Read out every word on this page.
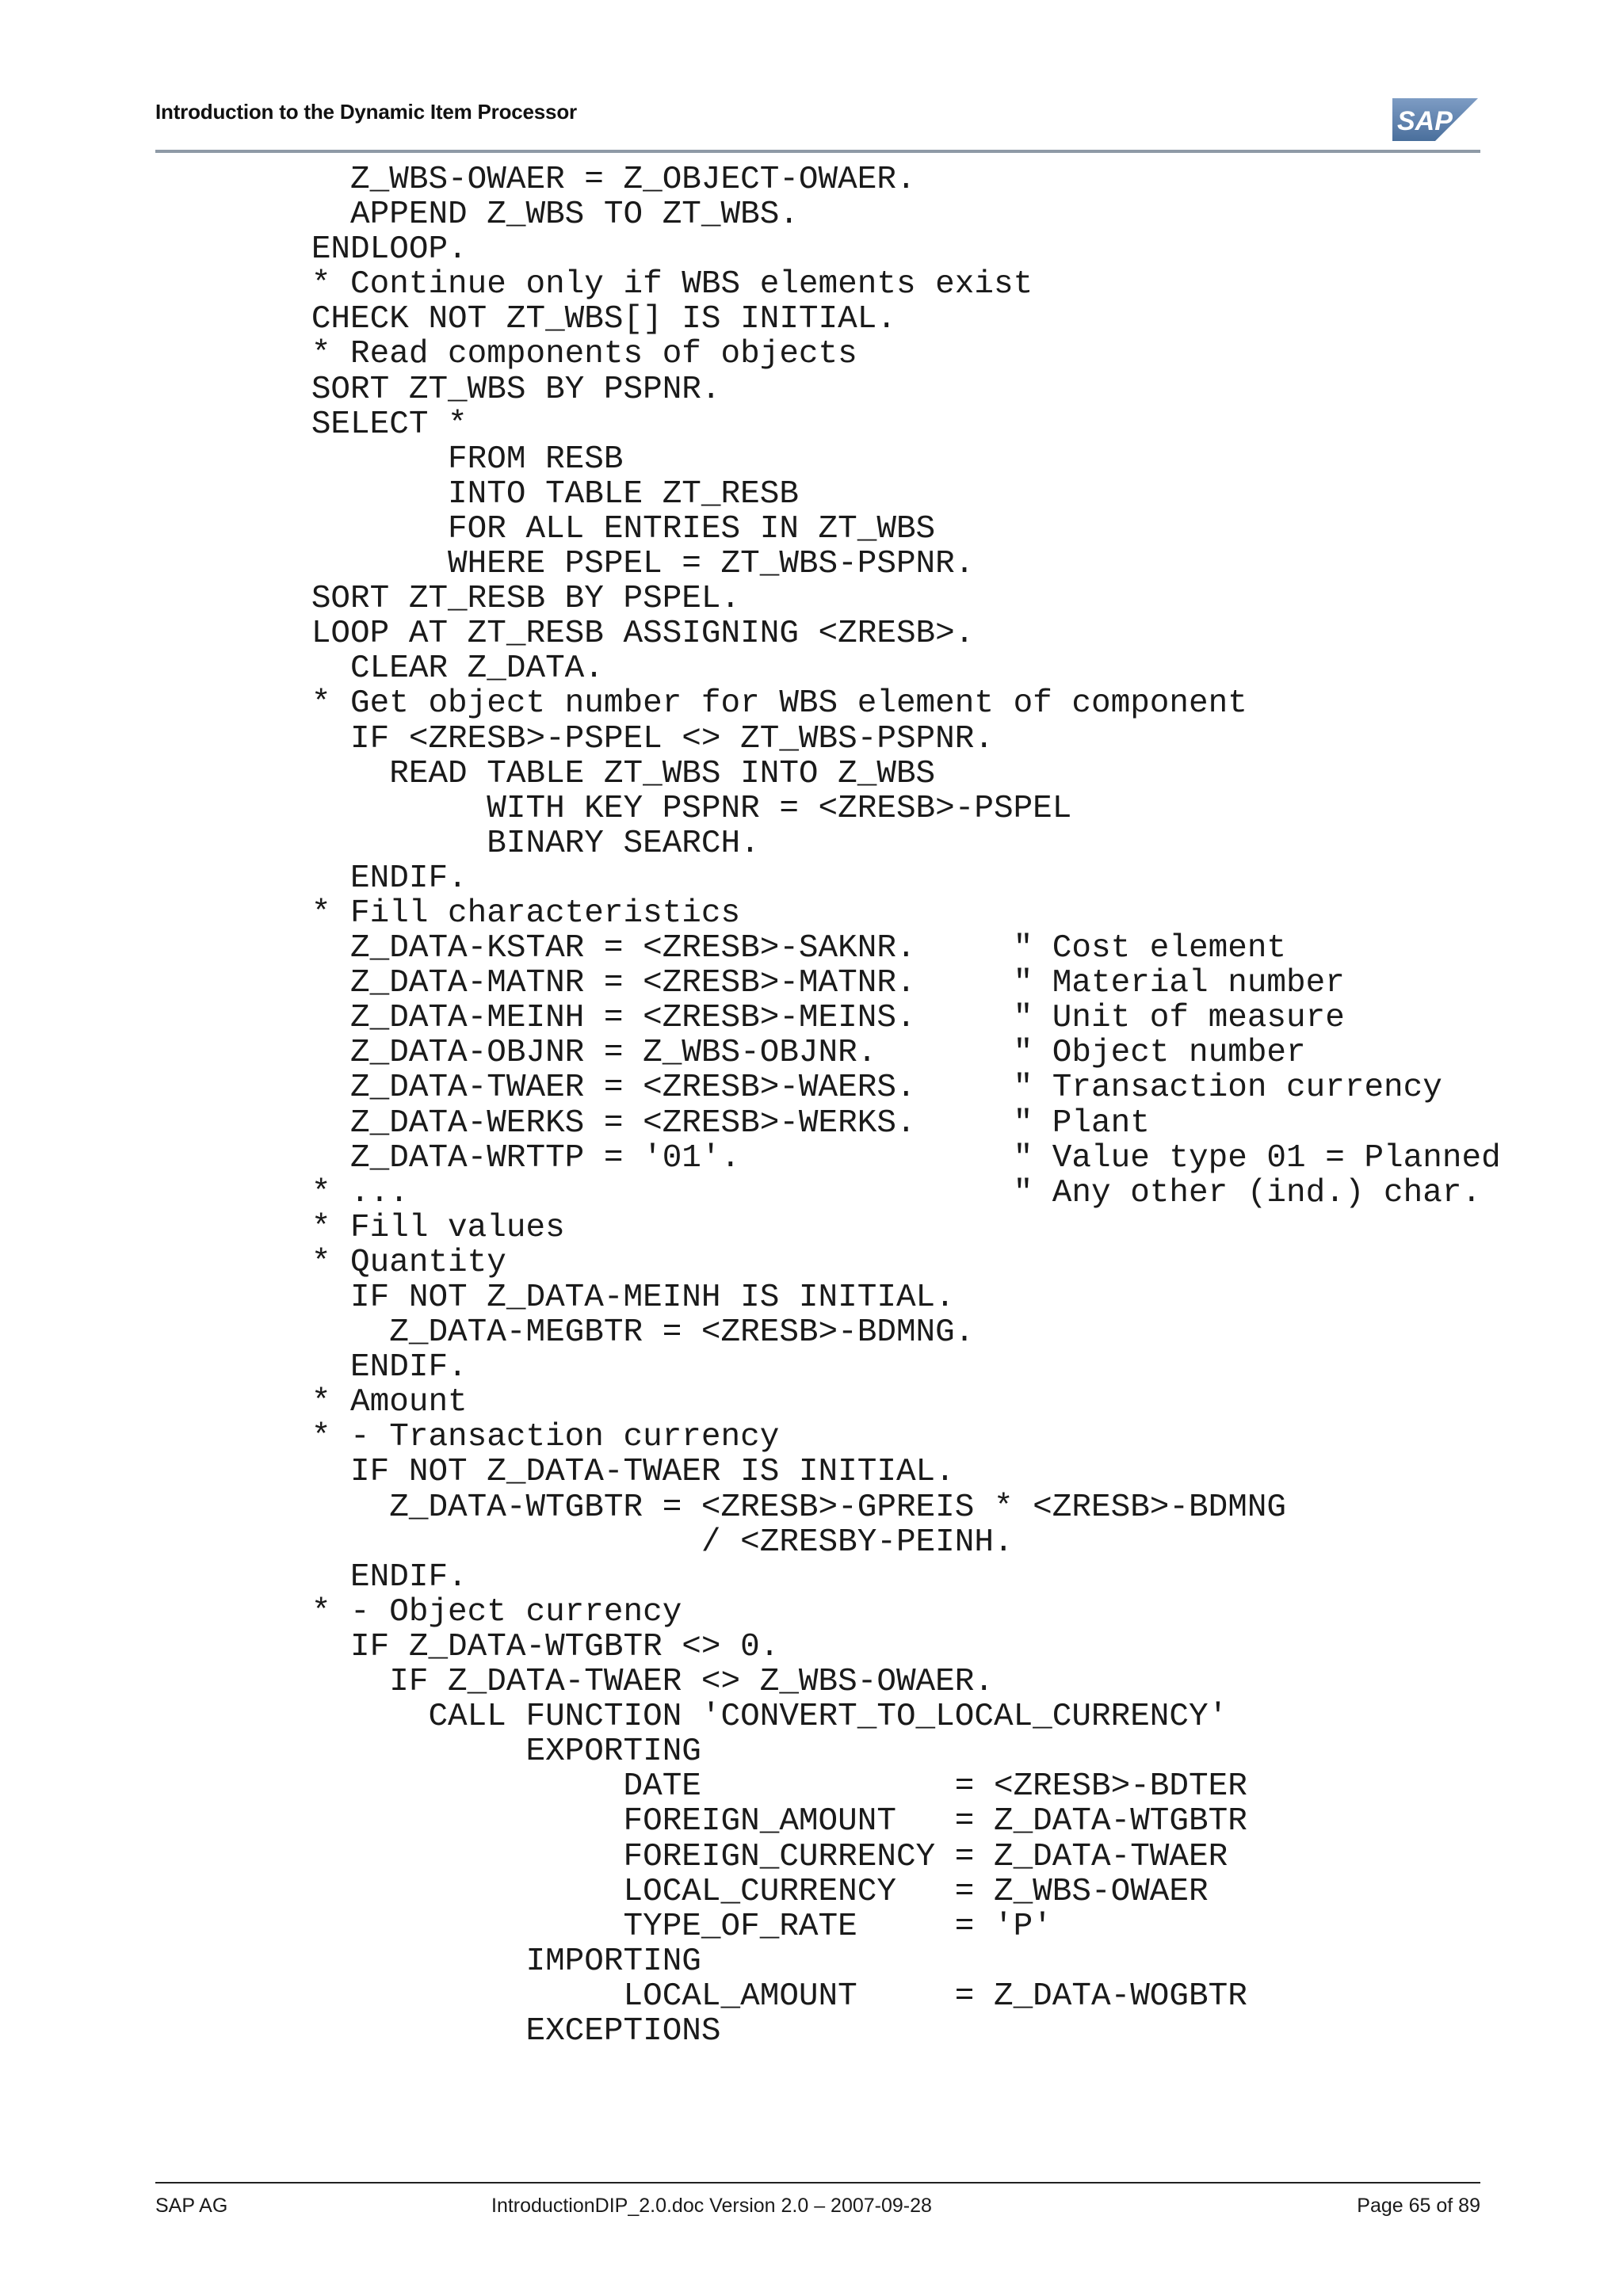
Introduction to the Dynamic Item Processor	SAP
Z_WBS-OWAER = Z_OBJECT-OWAER.
APPEND Z_WBS TO ZT_WBS.
ENDLOOP.
* Continue only if WBS elements exist
CHECK NOT ZT_WBS[] IS INITIAL.
* Read components of objects
SORT ZT_WBS BY PSPNR.
SELECT *
FROM RESB
INTO TABLE ZT_RESB
FOR ALL ENTRIES IN ZT_WBS
WHERE PSPEL = ZT_WBS-PSPNR.
SORT ZT_RESB BY PSPEL.
LOOP AT ZT_RESB ASSIGNING <ZRESB>.
CLEAR Z_DATA.
* Get object number for WBS element of component
IF <ZRESB>-PSPEL <> ZT_WBS-PSPNR.
READ TABLE ZT_WBS INTO Z_WBS
WITH KEY PSPNR = <ZRESB>-PSPEL
BINARY SEARCH.
ENDIF.
* Fill characteristics
Z_DATA-KSTAR = <ZRESB>-SAKNR.     " Cost element
Z_DATA-MATNR = <ZRESB>-MATNR.     " Material number
Z_DATA-MEINH = <ZRESB>-MEINS.     " Unit of measure
Z_DATA-OBJNR = Z_WBS-OBJNR.       " Object number
Z_DATA-TWAER = <ZRESB>-WAERS.     " Transaction currency
Z_DATA-WERKS = <ZRESB>-WERKS.     " Plant
Z_DATA-WRTTP = '01'.              " Value type 01 = Planned
* ...                               " Any other (ind.) char.
* Fill values
* Quantity
IF NOT Z_DATA-MEINH IS INITIAL.
Z_DATA-MEGBTR = <ZRESB>-BDMNG.
ENDIF.
* Amount
* - Transaction currency
IF NOT Z_DATA-TWAER IS INITIAL.
Z_DATA-WTGBTR = <ZRESB>-GPREIS * <ZRESB>-BDMNG
/ <ZRESBY-PEINH.
ENDIF.
* - Object currency
IF Z_DATA-WTGBTR <> 0.
IF Z_DATA-TWAER <> Z_WBS-OWAER.
CALL FUNCTION 'CONVERT_TO_LOCAL_CURRENCY'
EXPORTING
DATE             = <ZRESB>-BDTER
FOREIGN_AMOUNT   = Z_DATA-WTGBTR
FOREIGN_CURRENCY = Z_DATA-TWAER
LOCAL_CURRENCY   = Z_WBS-OWAER
TYPE_OF_RATE     = 'P'
IMPORTING
LOCAL_AMOUNT     = Z_DATA-WOGBTR
EXCEPTIONS
SAP AG	IntroductionDIP_2.0.doc Version 2.0 – 2007-09-28	Page 65 of 89
